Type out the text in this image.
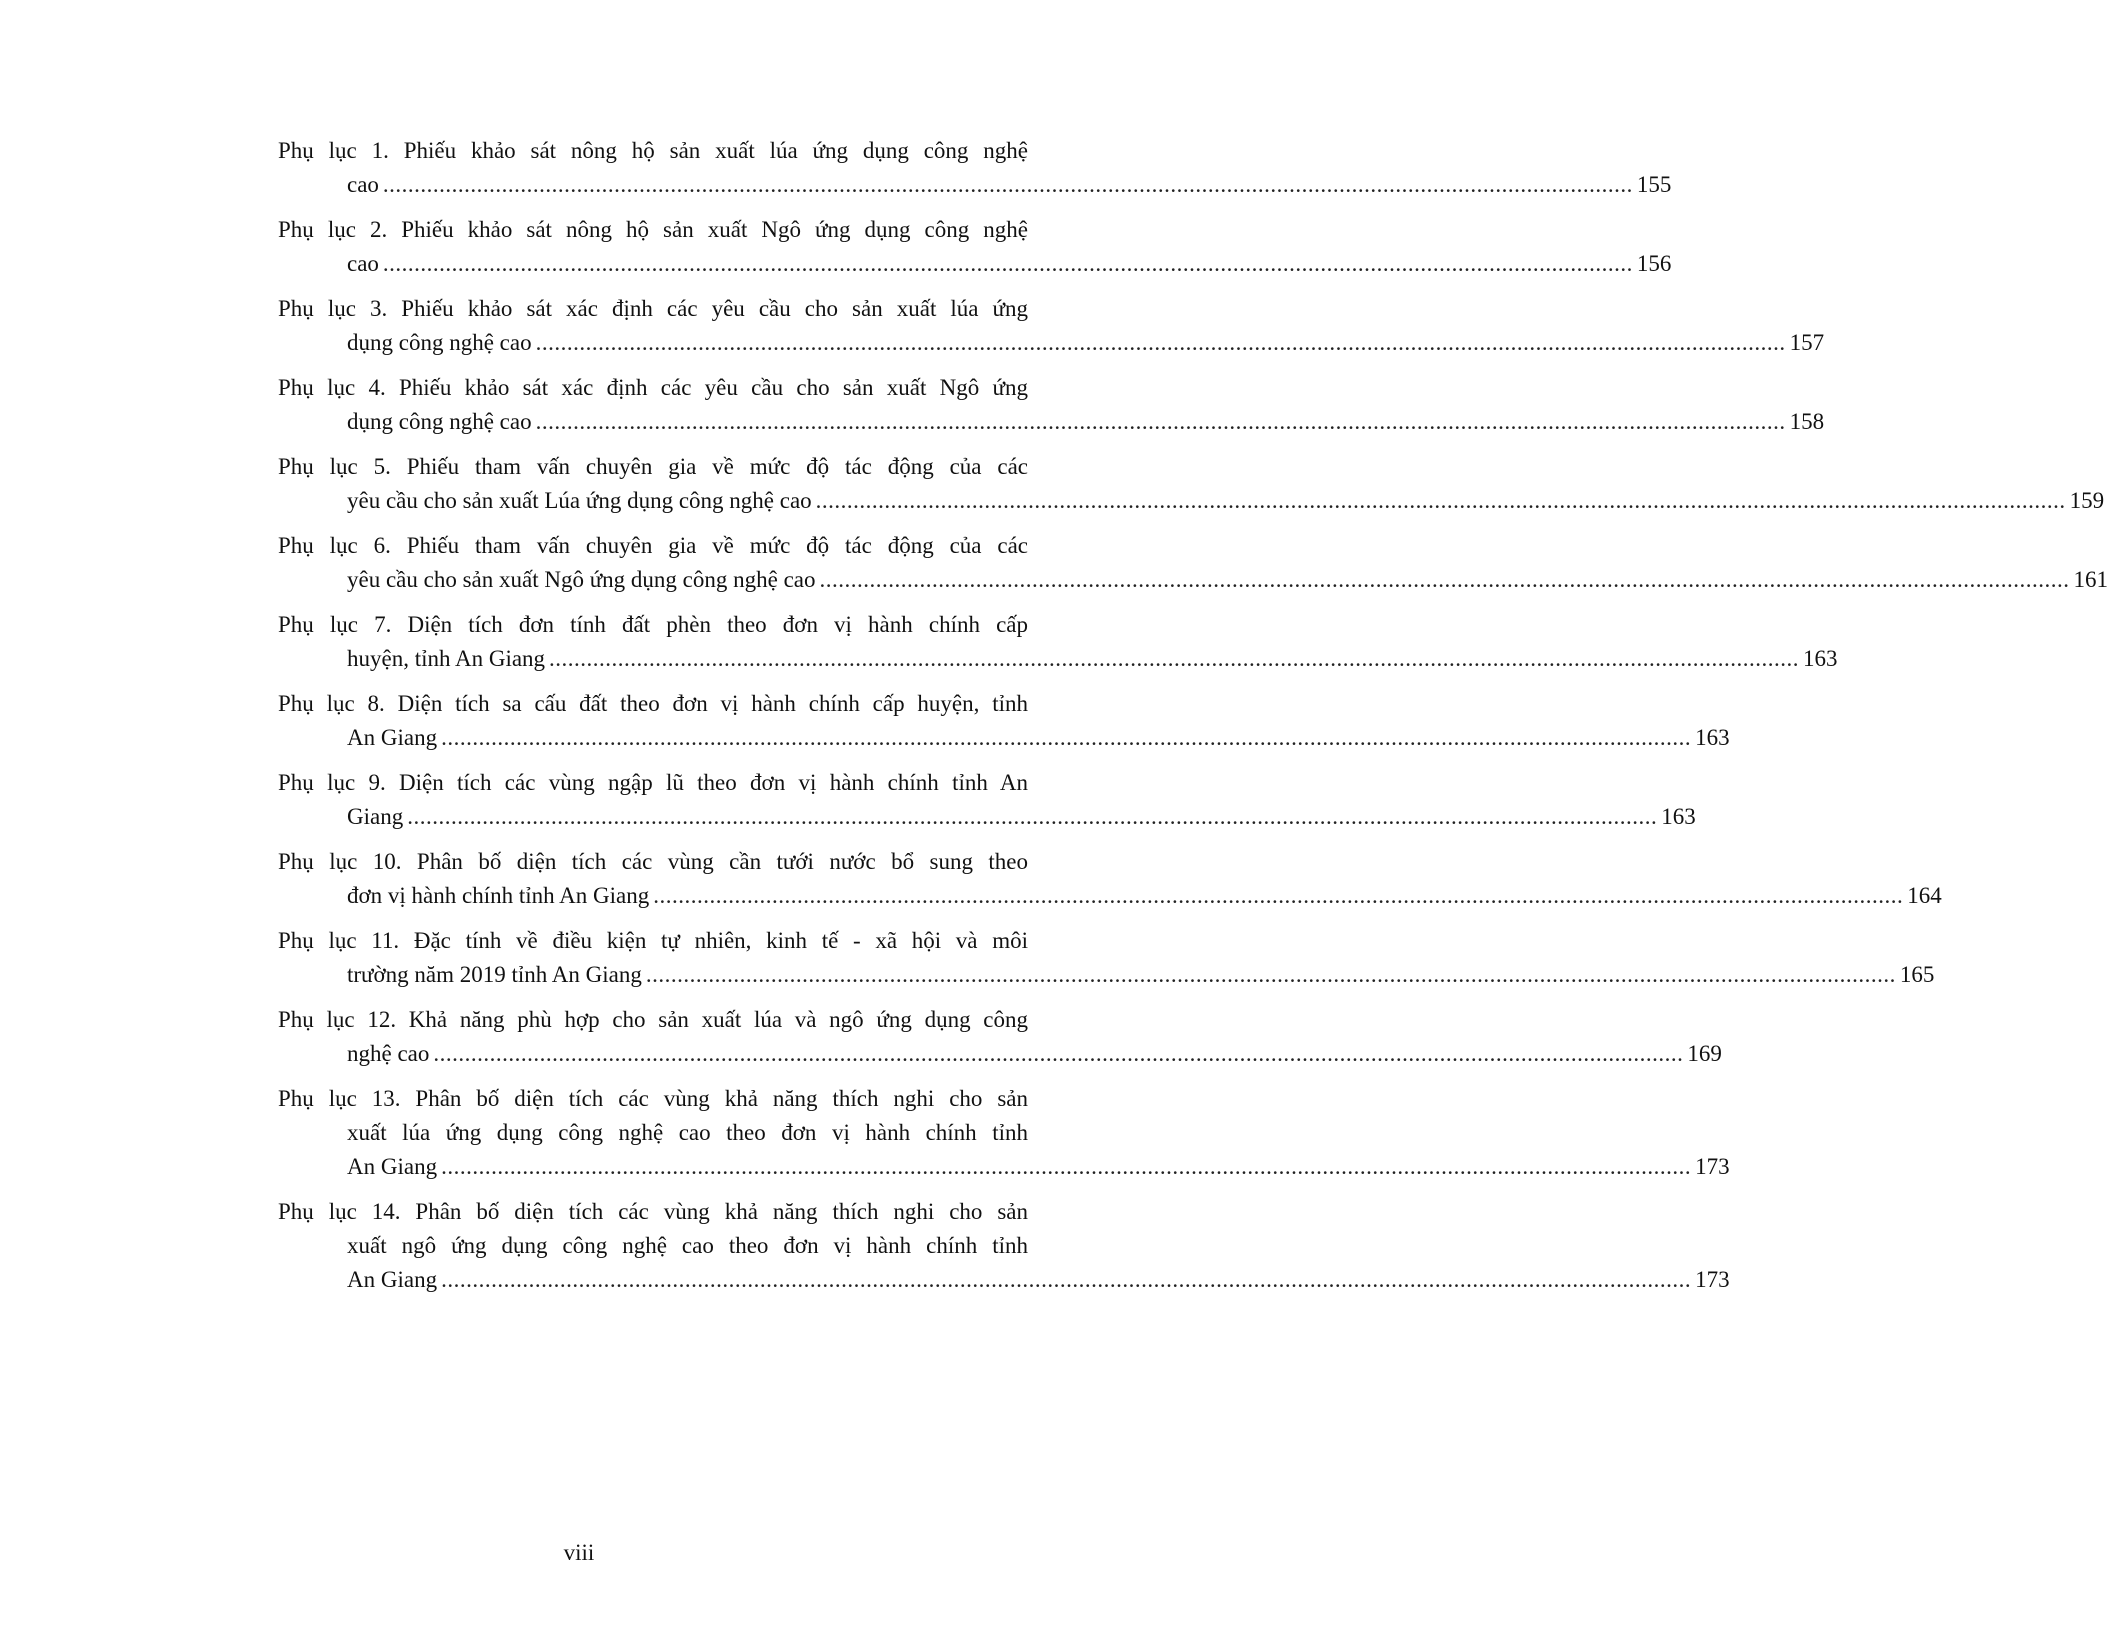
Phụ lục 1. Phiếu khảo sát nông hộ sản xuất lúa ứng dụng công nghệ
cao ........................................................................................................................................................................................................ 155
Phụ lục 2. Phiếu khảo sát nông hộ sản xuất Ngô ứng dụng công nghệ
cao ........................................................................................................................................................................................................ 156
Phụ lục 3. Phiếu khảo sát xác định các yêu cầu cho sản xuất lúa ứng
dụng công nghệ cao ........................................................................................................................................................................................................ 157
Phụ lục 4. Phiếu khảo sát xác định các yêu cầu cho sản xuất Ngô ứng
dụng công nghệ cao ........................................................................................................................................................................................................ 158
Phụ lục 5. Phiếu tham vấn chuyên gia về mức độ tác động của các
yêu cầu cho sản xuất Lúa ứng dụng công nghệ cao ........................................................................................................................................................................................................ 159
Phụ lục 6. Phiếu tham vấn chuyên gia về mức độ tác động của các
yêu cầu cho sản xuất Ngô ứng dụng công nghệ cao ........................................................................................................................................................................................................ 161
Phụ lục 7. Diện tích đơn tính đất phèn theo đơn vị hành chính cấp
huyện, tỉnh An Giang ........................................................................................................................................................................................................ 163
Phụ lục 8. Diện tích sa cấu đất theo đơn vị hành chính cấp huyện, tỉnh
An Giang ........................................................................................................................................................................................................ 163
Phụ lục 9. Diện tích các vùng ngập lũ theo đơn vị hành chính tỉnh An
Giang ........................................................................................................................................................................................................ 163
Phụ lục 10. Phân bố diện tích các vùng cần tưới nước bổ sung theo
đơn vị hành chính tỉnh An Giang ........................................................................................................................................................................................................ 164
Phụ lục 11. Đặc tính về điều kiện tự nhiên, kinh tế - xã hội và môi
trường năm 2019 tỉnh An Giang ........................................................................................................................................................................................................ 165
Phụ lục 12. Khả năng phù hợp cho sản xuất lúa và ngô ứng dụng công
nghệ cao ........................................................................................................................................................................................................ 169
Phụ lục 13. Phân bố diện tích các vùng khả năng thích nghi cho sản
xuất lúa ứng dụng công nghệ cao theo đơn vị hành chính tỉnh
An Giang ........................................................................................................................................................................................................ 173
Phụ lục 14. Phân bố diện tích các vùng khả năng thích nghi cho sản
xuất ngô ứng dụng công nghệ cao theo đơn vị hành chính tỉnh
An Giang ........................................................................................................................................................................................................ 173
viii
